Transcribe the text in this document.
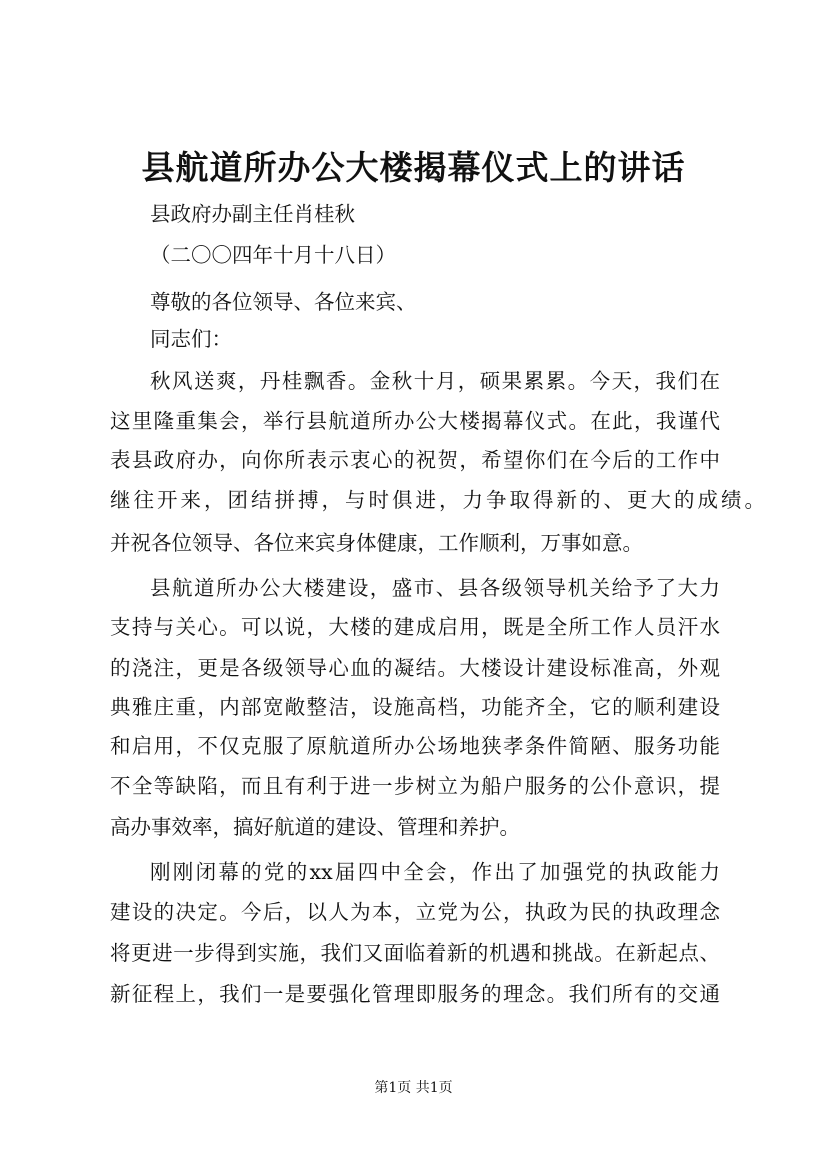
县航道所办公大楼揭幕仪式上的讲话
县政府办副主任肖桂秋
（二〇〇四年十月十八日）
尊敬的各位领导、各位来宾、
同志们：
秋风送爽，丹桂飘香。金秋十月，硕果累累。今天，我们在
这里隆重集会，举行县航道所办公大楼揭幕仪式。在此，我谨代
表县政府办，向你所表示衷心的祝贺，希望你们在今后的工作中
继往开来，团结拼搏，与时俱进，力争取得新的、更大的成绩。
并祝各位领导、各位来宾身体健康，工作顺利，万事如意。
县航道所办公大楼建设，盛市、县各级领导机关给予了大力
支持与关心。可以说，大楼的建成启用，既是全所工作人员汗水
的浇注，更是各级领导心血的凝结。大楼设计建设标准高，外观
典雅庄重，内部宽敞整洁，设施高档，功能齐全，它的顺利建设
和启用，不仅克服了原航道所办公场地狭孝条件简陋、服务功能
不全等缺陷，而且有利于进一步树立为船户服务的公仆意识，提
高办事效率，搞好航道的建设、管理和养护。
刚刚闭幕的党的xx届四中全会，作出了加强党的执政能力
建设的决定。今后，以人为本，立党为公，执政为民的执政理念
将更进一步得到实施，我们又面临着新的机遇和挑战。在新起点、
新征程上，我们一是要强化管理即服务的理念。我们所有的交通
第1页 共1页
